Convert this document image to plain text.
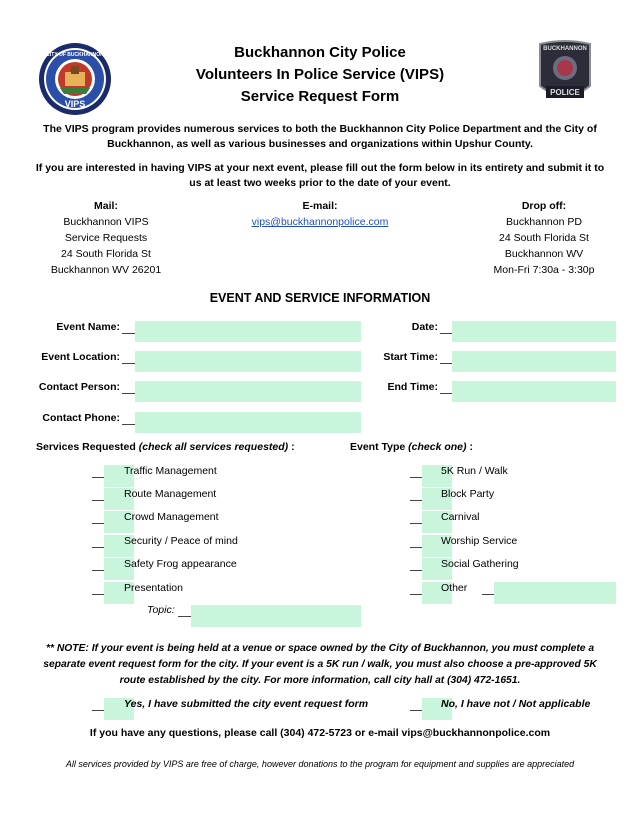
CITY OF BUCKHANNON
VIPS
BUCKHANNON
POLICE
Buckhannon City Police
Volunteers In Police Service (VIPS)
Service Request Form
The VIPS program provides numerous services to both the Buckhannon City Police Department and the City of Buckhannon, as well as various businesses and organizations within Upshur County.
If you are interested in having VIPS at your next event, please fill out the form below in its entirety and submit it to us at least two weeks prior to the date of your event.
Mail:
Buckhannon VIPS
Service Requests
24 South Florida St
Buckhannon WV 26201
E-mail:
vips@buckhannonpolice.com
Drop off:
Buckhannon PD
24 South Florida St
Buckhannon WV
Mon-Fri 7:30a - 3:30p
EVENT AND SERVICE INFORMATION
Event Name:
Event Location:
Contact Person:
Contact Phone:
Date:
Start Time:
End Time:
Services Requested (check all services requested) :	Event Type (check one) :
Traffic Management
Route Management
Crowd Management
Security / Peace of mind
Safety Frog appearance
Presentation
Topic:
5K Run / Walk
Block Party
Carnival
Worship Service
Social Gathering
Other
** NOTE: If your event is being held at a venue or space owned by the City of Buckhannon, you must complete a separate event request form for the city. If your event is a 5K run / walk, you must also choose a pre-approved 5K route established by the city. For more information, call city hall at (304) 472-1651.
Yes, I have submitted the city event request form	No, I have not / Not applicable
If you have any questions, please call (304) 472-5723 or e-mail vips@buckhannonpolice.com
All services provided by VIPS are free of charge, however donations to the program for equipment and supplies are appreciated
